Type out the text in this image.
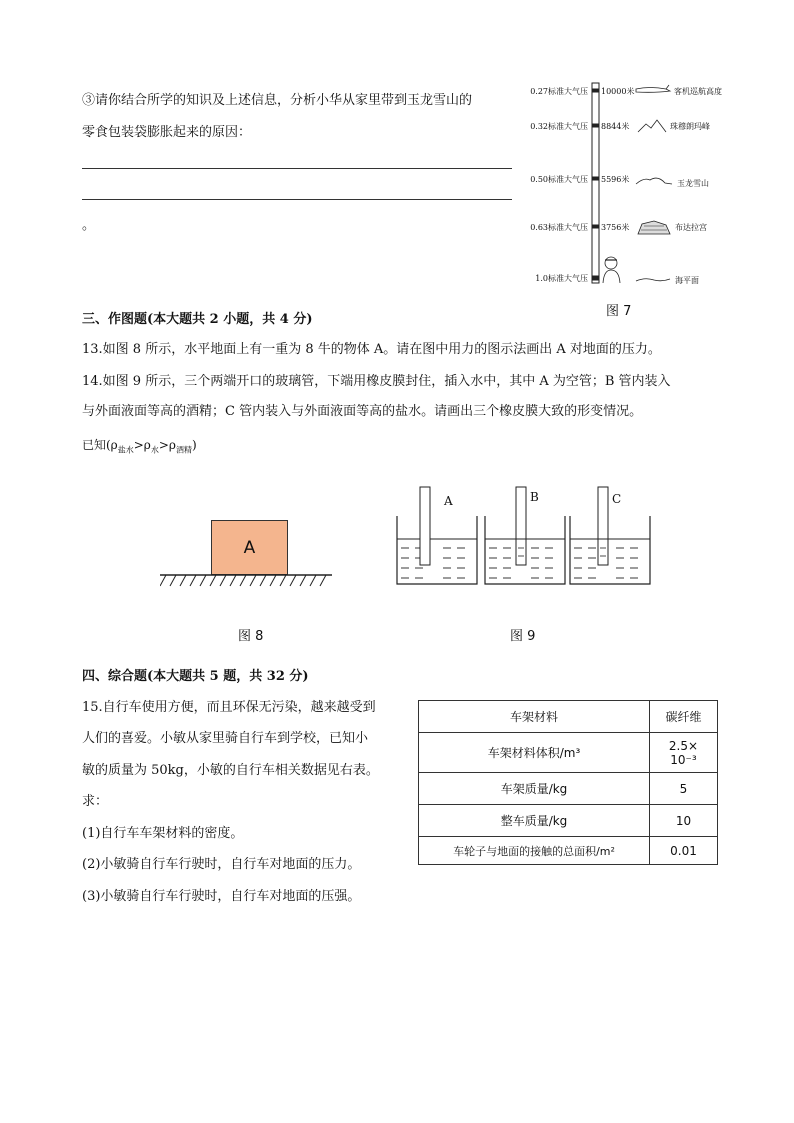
③请你结合所学的知识及上述信息，分析小华从家里带到玉龙雪山的
零食包装袋膨胀起来的原因：
。
0.27标准大气压
0.32标准大气压
0.50标准大气压
0.63标准大气压
1.0标准大气压
10000米
8844米
5596米
3756米
客机巡航高度
珠穆朗玛峰
玉龙雪山
布达拉宫
海平面
图 7
三、作图题(本大题共 2 小题，共 4 分)
13.如图 8 所示，水平地面上有一重为 8 牛的物体 A。请在图中用力的图示法画出 A 对地面的压力。
14.如图 9 所示，三个两端开口的玻璃管，下端用橡皮膜封住，插入水中，其中 A 为空管；B 管内装入
与外面液面等高的酒精；C 管内装入与外面液面等高的盐水。请画出三个橡皮膜大致的形变情况。
已知$(\rho_{盐水}>\rho_水>\rho_{酒精})$
A
图 8
A	B	C
图 9
四、综合题(本大题共 5 题，共 32 分)
15.自行车使用方便，而且环保无污染，越来越受到
人们的喜爱。小敏从家里骑自行车到学校，已知小
敏的质量为 50kg，小敏的自行车相关数据见右表。
求：
(1)自行车车架材料的密度。
(2)小敏骑自行车行驶时，自行车对地面的压力。
(3)小敏骑自行车行驶时，自行车对地面的压强。
车架材料	碳纤维
车架材料体积/m³	2.5×
10⁻³

车架质量/kg	5
整车质量/kg	10
车轮子与地面的接触的总面积/m²	0.01
